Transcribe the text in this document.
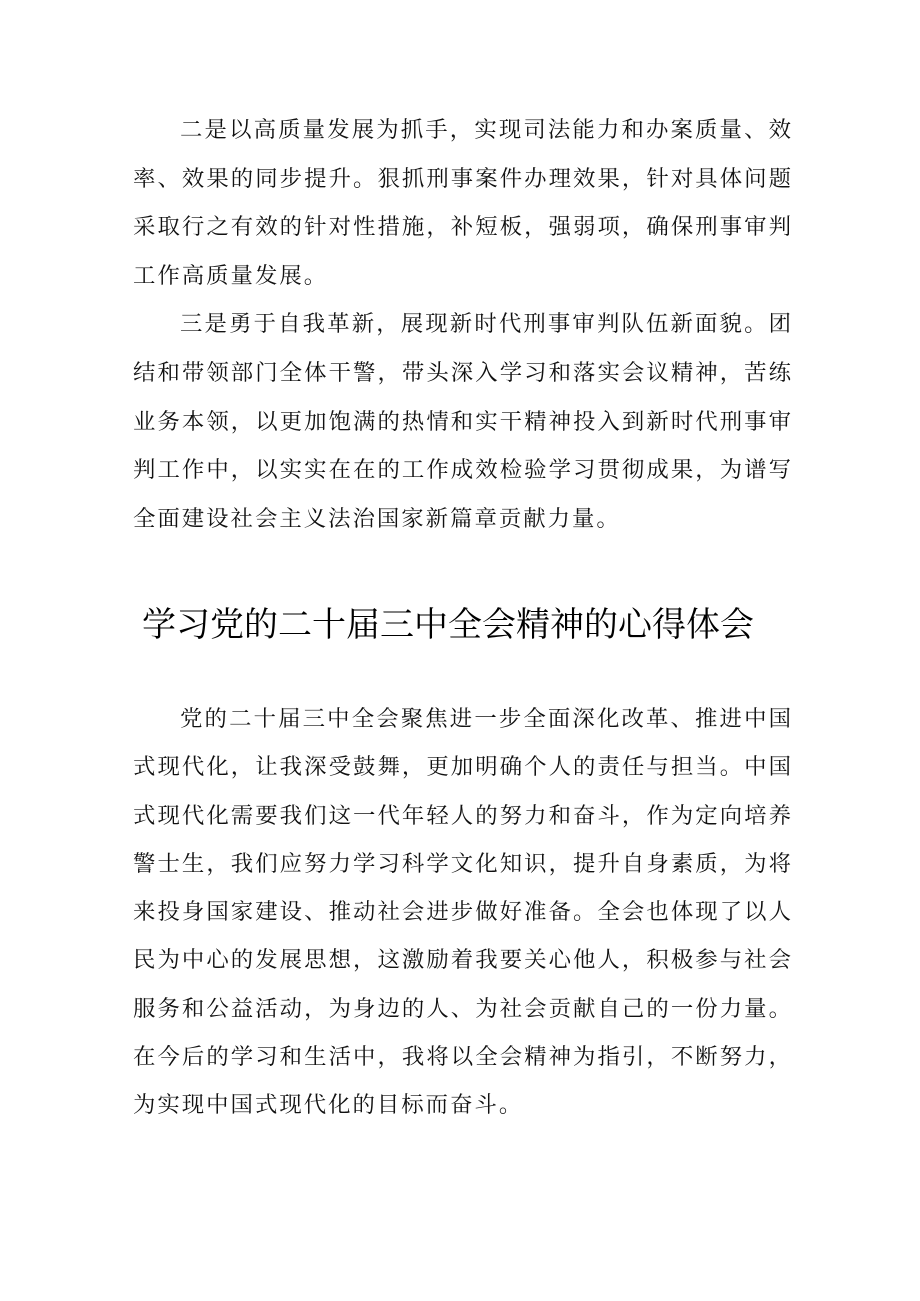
二是以高质量发展为抓手，实现司法能力和办案质量、效率、效果的同步提升。狠抓刑事案件办理效果，针对具体问题采取行之有效的针对性措施，补短板，强弱项，确保刑事审判工作高质量发展。

三是勇于自我革新，展现新时代刑事审判队伍新面貌。团结和带领部门全体干警，带头深入学习和落实会议精神，苦练业务本领，以更加饱满的热情和实干精神投入到新时代刑事审判工作中，以实实在在的工作成效检验学习贯彻成果，为谱写全面建设社会主义法治国家新篇章贡献力量。

学习党的二十届三中全会精神的心得体会

党的二十届三中全会聚焦进一步全面深化改革、推进中国式现代化，让我深受鼓舞，更加明确个人的责任与担当。中国式现代化需要我们这一代年轻人的努力和奋斗，作为定向培养警士生，我们应努力学习科学文化知识，提升自身素质，为将来投身国家建设、推动社会进步做好准备。全会也体现了以人民为中心的发展思想，这激励着我要关心他人，积极参与社会服务和公益活动，为身边的人、为社会贡献自己的一份力量。在今后的学习和生活中，我将以全会精神为指引，不断努力，为实现中国式现代化的目标而奋斗。
